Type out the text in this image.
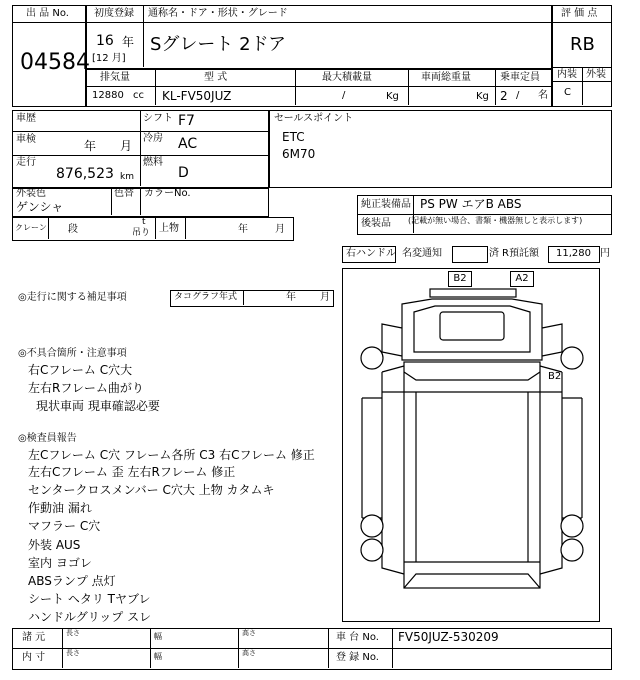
出 品 No.
04584
初度登録 通称名・ドア・形状・グレード
16 年
[12 月]
Sグレート 2ドア
評 価 点
RB
内装 外装
C
排気量	型 式	最大積載量	車両総重量	乗車定員
12880 cc KL-FV50JUZ	/	Kg	Kg 2 / 名
車歴	シフト F7
車検	年 月
冷房 AC
走行
876,523 km
燃料
D
外装色
ゲンシャ
色替 カラーNo.
セールスポイント
ETC
6M70
純正装備品 PS PW エアB ABS
後装品 (記載が無い場合、書類・機器無しと表示します)
クレーン 段
t
吊り 上物	年	月
右ハンドル 名変通知	済 R預託額 11,280 円
◎走行に関する補足事項	タコグラフ年式	年 月
◎不具合箇所・注意事項
右Cフレーム C穴大
左右Rフレーム曲がり
現状車両 現車確認必要
◎検査員報告
左Cフレーム C穴 フレーム各所 C3 右Cフレーム 修正
左右Cフレーム 歪 左右Rフレーム 修正
センタークロスメンバー C穴大 上物 カタムキ
作動油 漏れ
マフラー C穴
外装 AUS
室内 ヨゴレ
ABSランプ 点灯
シート ヘタリ Tヤブレ
ハンドルグリップ スレ
B2	A2
B2
諸 元
内 寸
長さ	幅	高さ
長さ	幅	高さ
車 台 No. FV50JUZ-530209
登 録 No.
